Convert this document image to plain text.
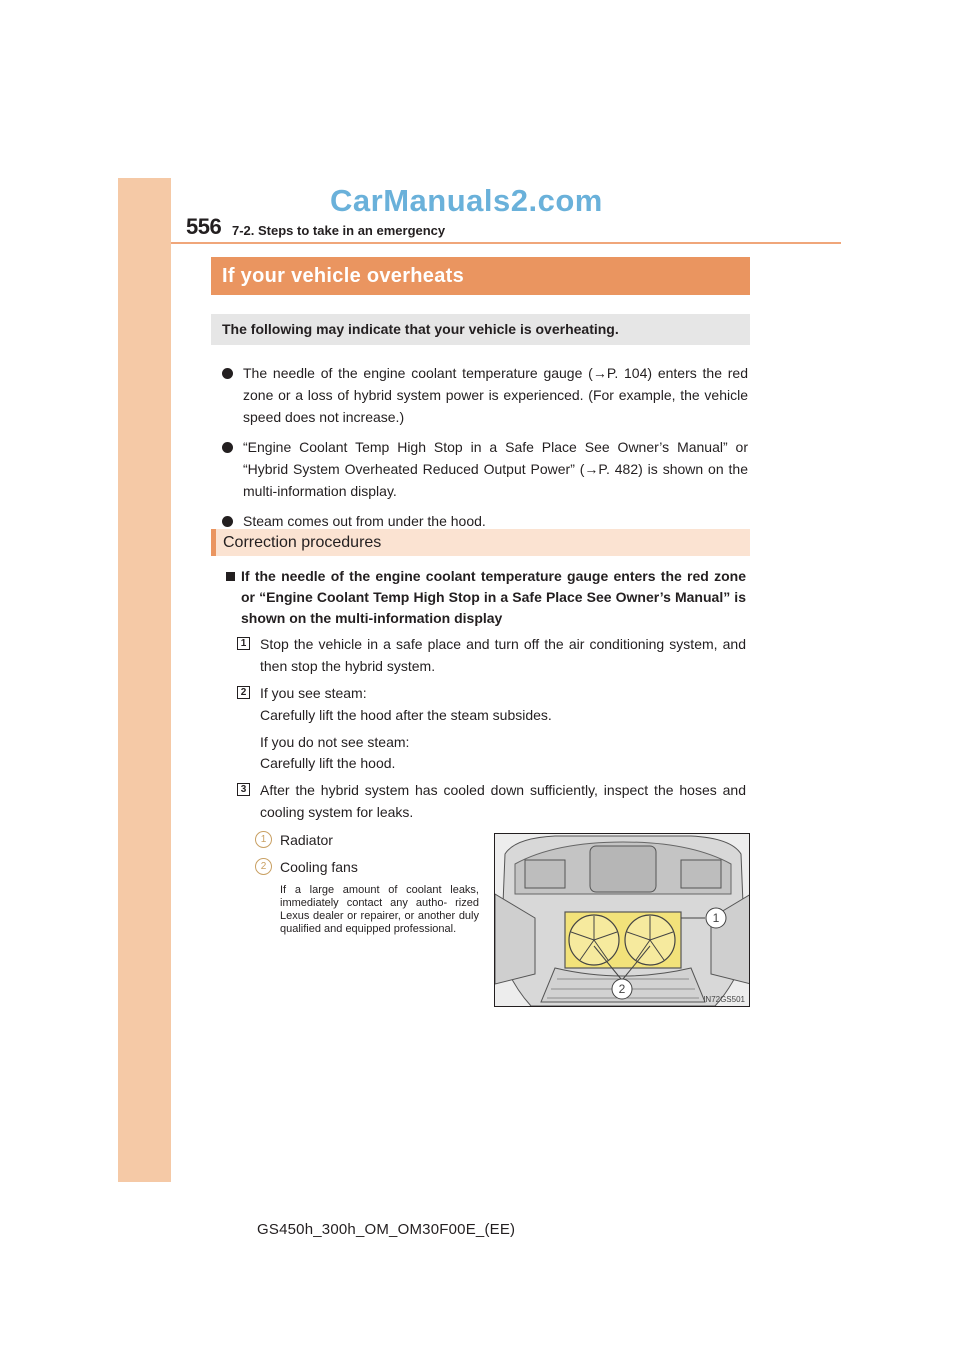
556 7-2. Steps to take in an emergency
CarManuals2.com
If your vehicle overheats
The following may indicate that your vehicle is overheating.
The needle of the engine coolant temperature gauge (→P. 104) enters the red zone or a loss of hybrid system power is experienced. (For example, the vehicle speed does not increase.)
“Engine Coolant Temp High Stop in a Safe Place See Owner’s Manual” or “Hybrid System Overheated Reduced Output Power” (→P. 482) is shown on the multi-information display.
Steam comes out from under the hood.
Correction procedures
If the needle of the engine coolant temperature gauge enters the red zone or “Engine Coolant Temp High Stop in a Safe Place See Owner’s Manual” is shown on the multi-information display
1 Stop the vehicle in a safe place and turn off the air conditioning system, and then stop the hybrid system.
2 If you see steam:
Carefully lift the hood after the steam subsides.
If you do not see steam:
Carefully lift the hood.
3 After the hybrid system has cooled down sufficiently, inspect the hoses and cooling system for leaks.
1 Radiator
2 Cooling fans
If a large amount of coolant leaks, immediately contact any autho- rized Lexus dealer or repairer, or another duly qualified and equipped professional.
1
2
IN72GS501
GS450h_300h_OM_OM30F00E_(EE)
